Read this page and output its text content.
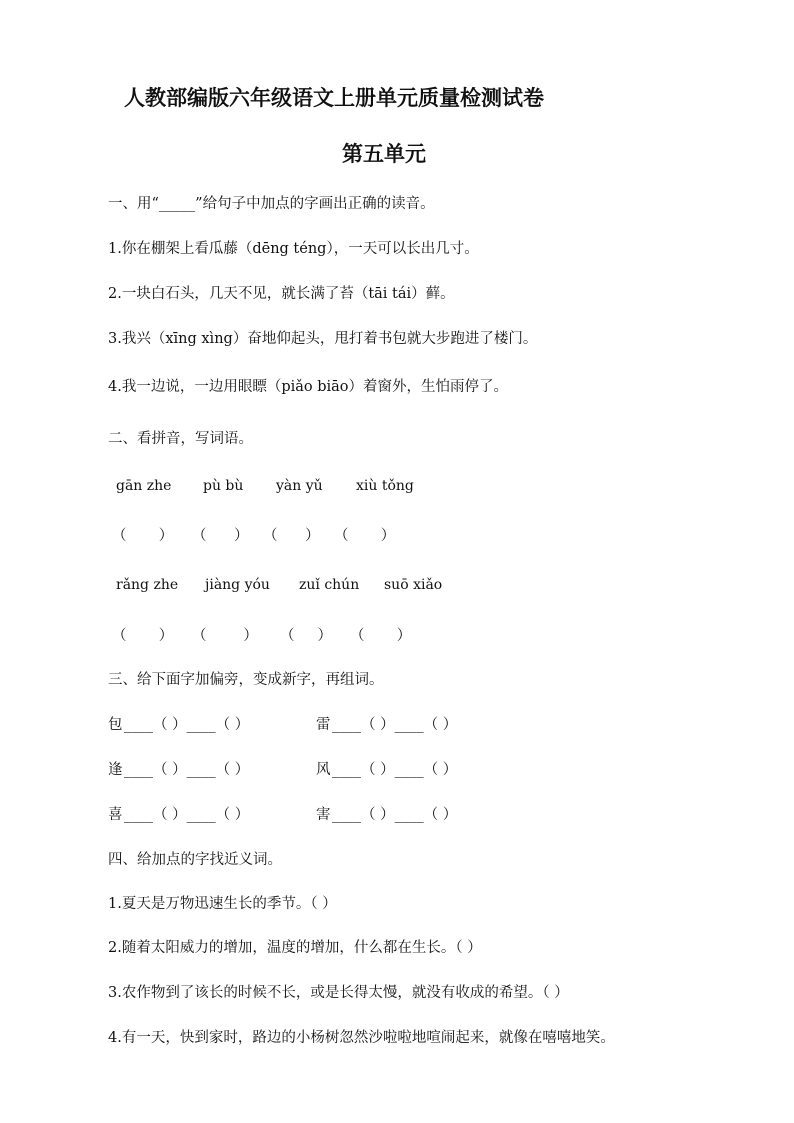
人教部编版六年级语文上册单元质量检测试卷
第五单元
一、用“_____”给句子中加点的字画出正确的读音。
1.你在棚架上看瓜藤（dēng téng），一天可以长出几寸。
2.一块白石头，几天不见，就长满了苔（tāi tái）藓。
3.我兴（xīng xìng）奋地仰起头，甩打着书包就大步跑进了楼门。
4.我一边说，一边用眼瞟（piǎo biāo）着窗外，生怕雨停了。
二、看拼音，写词语。
gān zhe pù bù yàn yǔ xiù tǒng
（       ） （      ） （      ） （       ）
rǎng zhe jiàng yóu zuǐ chún suō xiǎo
（       ） （        ） （     ） （       ）
三、给下面字加偏旁，变成新字，再组词。
包 ____（ ）____（ ）	雷 ____（ ）____（ ）
逢 ____（ ）____（ ）	风 ____（ ）____（ ）
喜 ____（ ）____（ ）	害 ____（ ）____（ ）
四、给加点的字找近义词。
1.夏天是万物迅速生长的季节。（ ）
2.随着太阳威力的增加，温度的增加，什么都在生长。（ ）
3.农作物到了该长的时候不长，或是长得太慢，就没有收成的希望。（ ）
4.有一天，快到家时，路边的小杨树忽然沙啦啦地喧闹起来，就像在嘻嘻地笑。
